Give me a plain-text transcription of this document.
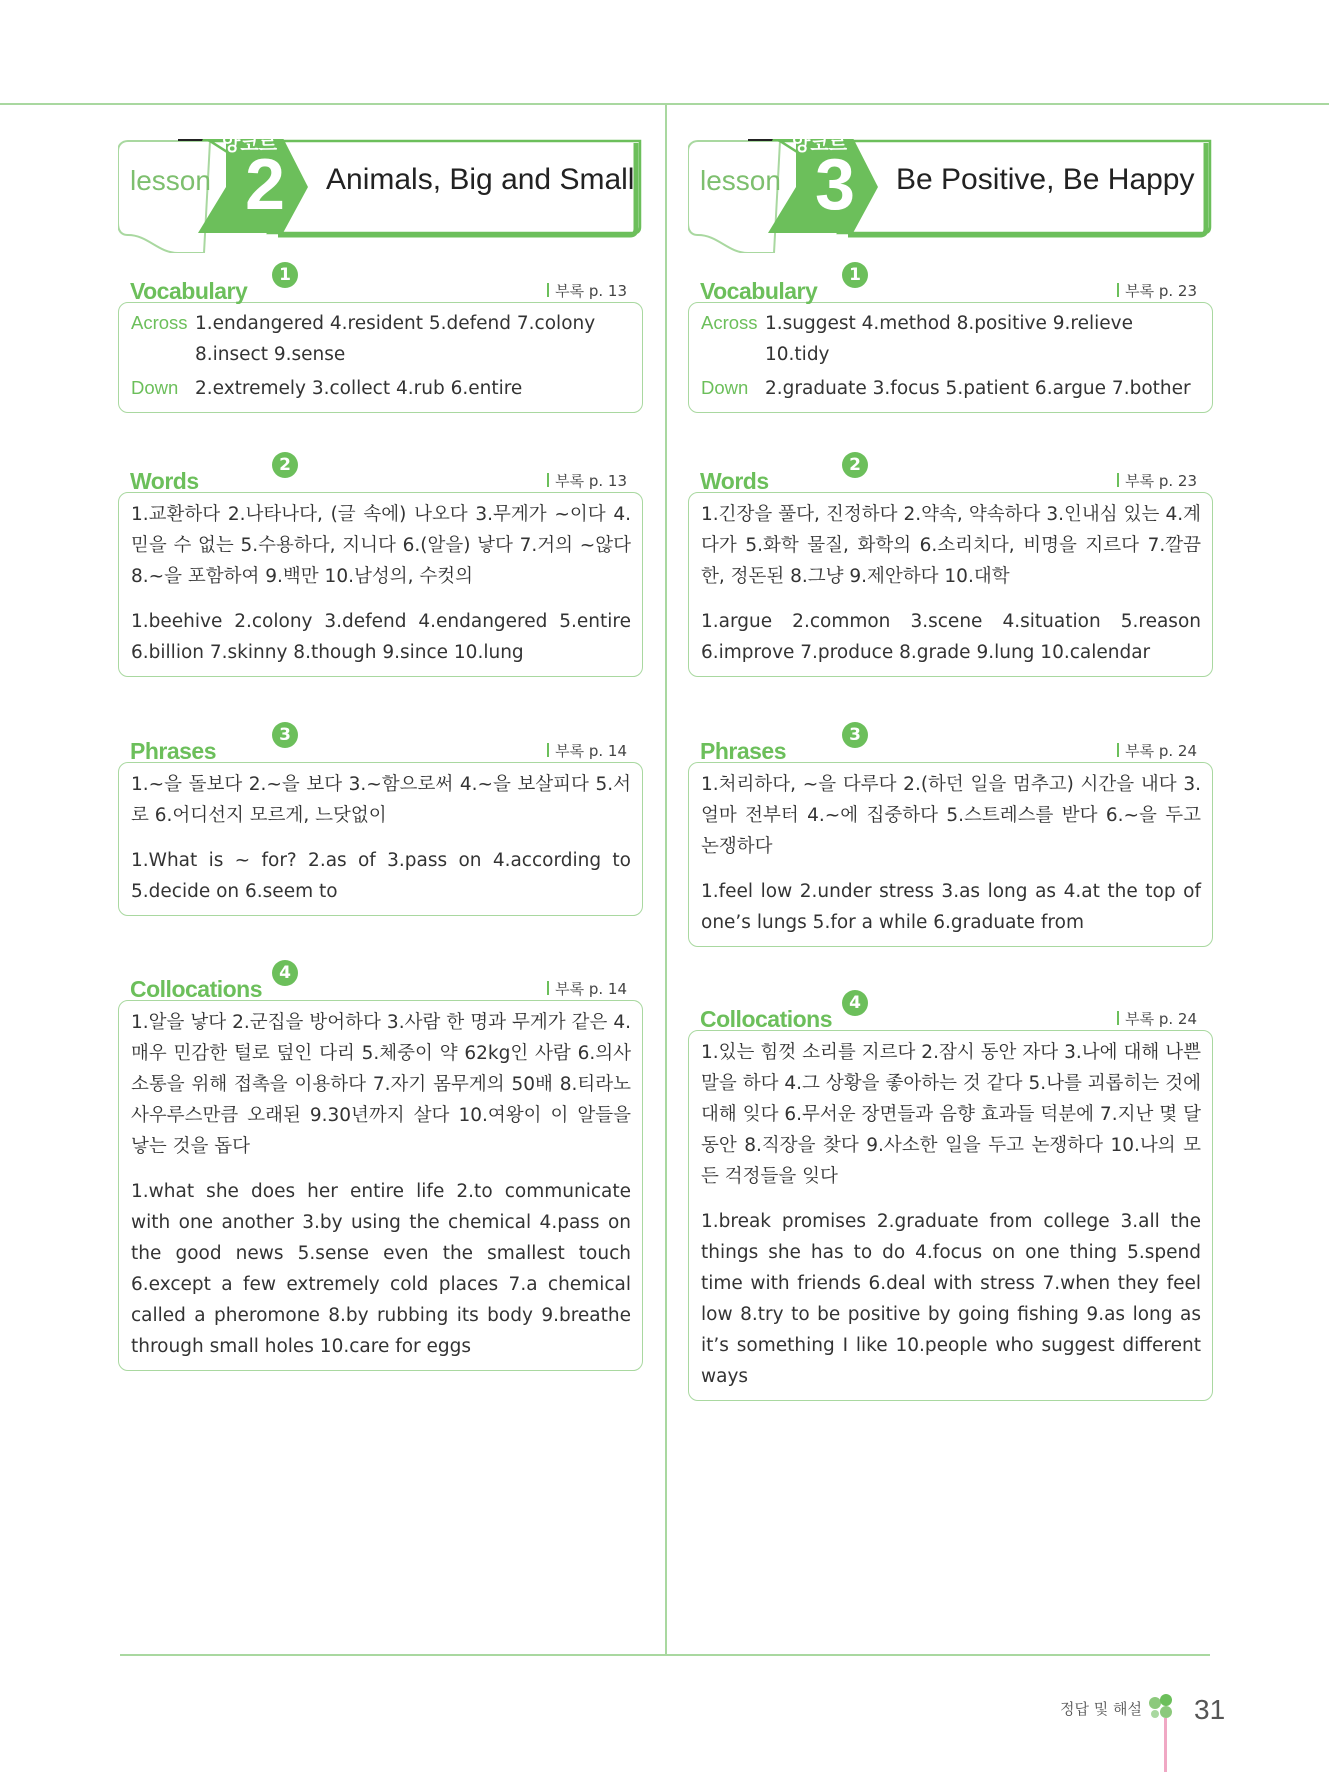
lesson
앙코르
2 Animals, Big and Small
Vocabulary
1
부록 p. 13
Across 1.endangered 4.resident 5.defend 7.colony
8.insect 9.sense
Down 2.extremely 3.collect 4.rub 6.entire
Words
2
부록 p. 13

1.교환하다 2.나타나다, (글 속에) 나오다 3.무게가 ~이다 4.믿을 수 없는 5.수용하다, 지니다 6.(알을) 낳다 7.거의 ~않다 8.~을 포함하여 9.백만 10.남성의, 수컷의

1.beehive 2.colony 3.defend 4.endangered 5.entire 6.billion 7.skinny 8.though 9.since 10.lung

Phrases
3
부록 p. 14

1.~을 돌보다 2.~을 보다 3.~함으로써 4.~을 보살피다 5.서로 6.어디선지 모르게, 느닷없이

1.What is ~ for? 2.as of 3.pass on 4.according to 5.decide on 6.seem to

Collocations
4
부록 p. 14

1.알을 낳다 2.군집을 방어하다 3.사람 한 명과 무게가 같은 4.매우 민감한 털로 덮인 다리 5.체중이 약 62kg인 사람 6.의사소통을 위해 접촉을 이용하다 7.자기 몸무게의 50배 8.티라노사우루스만큼 오래된 9.30년까지 살다 10.여왕이 이 알들을 낳는 것을 돕다

1.what she does her entire life 2.to communicate with one another 3.by using the chemical 4.pass on the good news 5.sense even the smallest touch 6.except a few extremely cold places 7.a chemical called a pheromone 8.by rubbing its body 9.breathe through small holes 10.care for eggs

lesson
앙코르
3 Be Positive, Be Happy
Vocabulary
1
부록 p. 23
Across 1.suggest 4.method 8.positive 9.relieve
10.tidy
Down 2.graduate 3.focus 5.patient 6.argue 7.bother
Words
2
부록 p. 23

1.긴장을 풀다, 진정하다 2.약속, 약속하다 3.인내심 있는 4.계다가 5.화학 물질, 화학의 6.소리치다, 비명을 지르다 7.깔끔한, 정돈된 8.그냥 9.제안하다 10.대학

1.argue 2.common 3.scene 4.situation 5.reason 6.improve 7.produce 8.grade 9.lung 10.calendar

Phrases
3
부록 p. 24

1.처리하다, ~을 다루다 2.(하던 일을 멈추고) 시간을 내다 3.얼마 전부터 4.~에 집중하다 5.스트레스를 받다 6.~을 두고 논쟁하다

1.feel low 2.under stress 3.as long as 4.at the top of one’s lungs 5.for a while 6.graduate from

Collocations
4
부록 p. 24

1.있는 힘껏 소리를 지르다 2.잠시 동안 자다 3.나에 대해 나쁜 말을 하다 4.그 상황을 좋아하는 것 같다 5.나를 괴롭히는 것에 대해 잊다 6.무서운 장면들과 음향 효과들 덕분에 7.지난 몇 달 동안 8.직장을 찾다 9.사소한 일을 두고 논쟁하다 10.나의 모든 걱정들을 잊다

1.break promises 2.graduate from college 3.all the things she has to do 4.focus on one thing 5.spend time with friends 6.deal with stress 7.when they feel low 8.try to be positive by going fishing 9.as long as it’s something I like 10.people who suggest different ways

정답 및 해설 31
